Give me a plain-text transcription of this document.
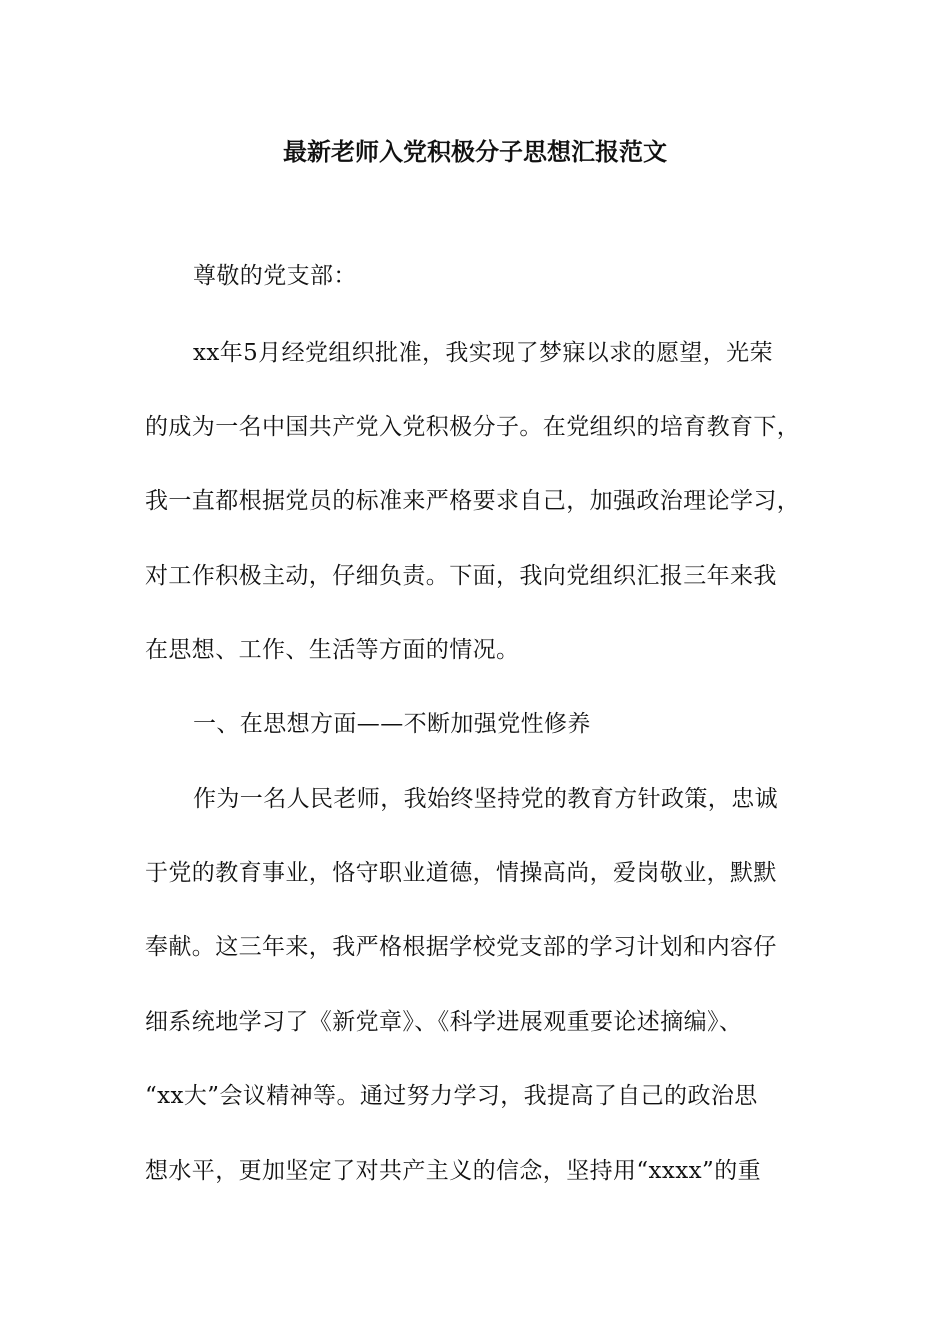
最新老师入党积极分子思想汇报范文
尊敬的党支部：
xx年5月经党组织批准，我实现了梦寐以求的愿望，光荣
的成为一名中国共产党入党积极分子。在党组织的培育教育下，
我一直都根据党员的标准来严格要求自己，加强政治理论学习，
对工作积极主动，仔细负责。下面，我向党组织汇报三年来我
在思想、工作、生活等方面的情况。
一、在思想方面——不断加强党性修养
作为一名人民老师，我始终坚持党的教育方针政策，忠诚
于党的教育事业，恪守职业道德，情操高尚，爱岗敬业，默默
奉献。这三年来，我严格根据学校党支部的学习计划和内容仔
细系统地学习了《新党章》、《科学进展观重要论述摘编》、
“xx大”会议精神等。通过努力学习，我提高了自己的政治思
想水平，更加坚定了对共产主义的信念，坚持用“xxxx”的重
